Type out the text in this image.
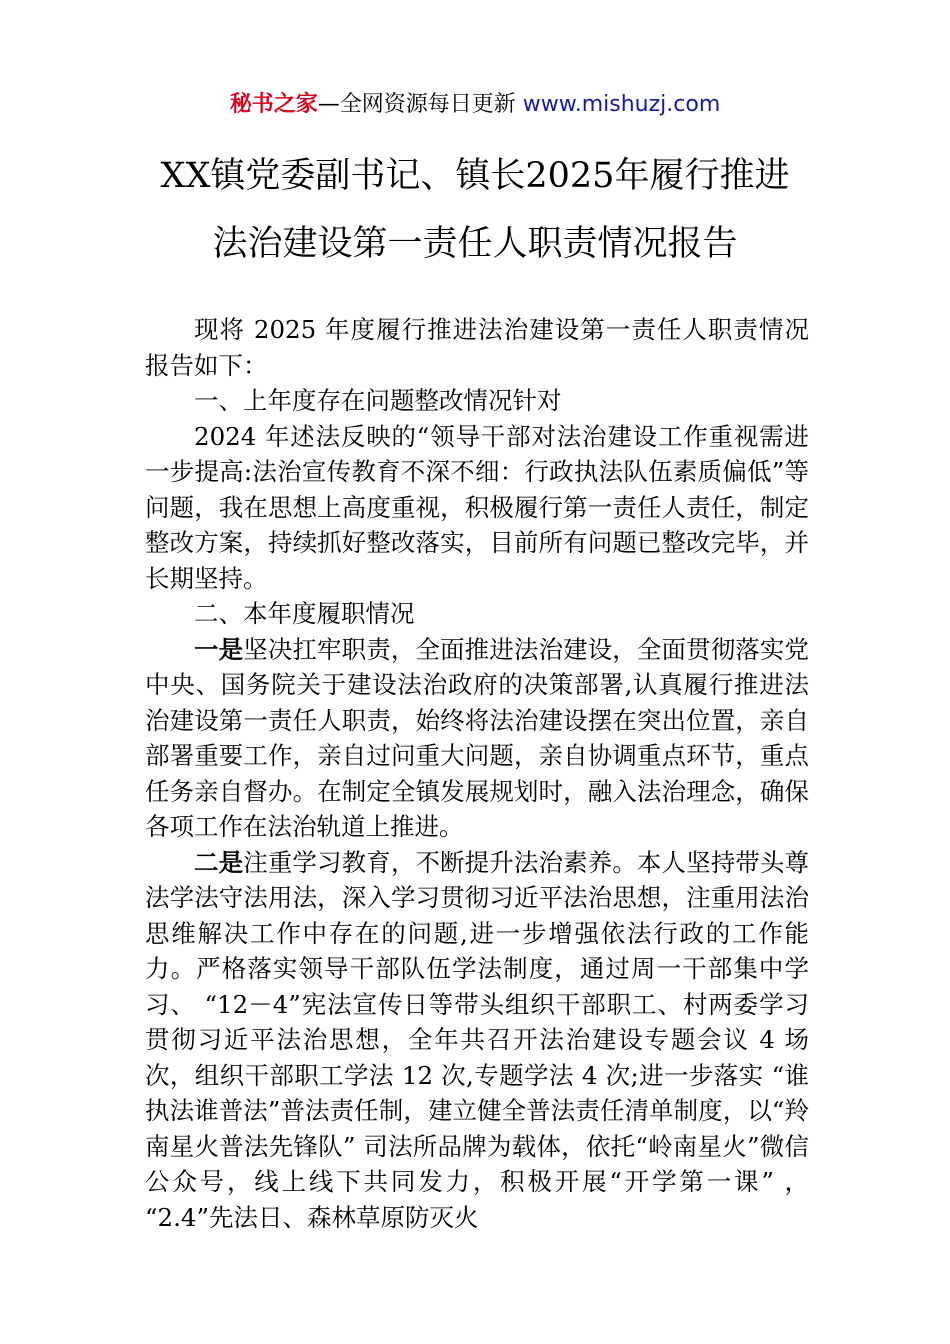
秘书之家—全网资源每日更新 www.mishuzj.com
XX镇党委副书记、镇长2025年履行推进
法治建设第一责任人职责情况报告

现将 2025 年度履行推进法治建设第一责任人职责情况报告如下：

一、上年度存在问题整改情况针对

2024 年述法反映的“领导干部对法治建设工作重视需进一步提高:法治宣传教育不深不细：行政执法队伍素质偏低”等问题，我在思想上高度重视，积极履行第一责任人责任，制定整改方案，持续抓好整改落实，目前所有问题已整改完毕，并长期坚持。

二、本年度履职情况

一是坚决扛牢职责，全面推进法治建设，全面贯彻落实党中央、国务院关于建设法治政府的决策部署,认真履行推进法治建设第一责任人职责，始终将法治建设摆在突出位置，亲自部署重要工作，亲自过问重大问题，亲自协调重点环节，重点任务亲自督办。在制定全镇发展规划时，融入法治理念，确保各项工作在法治轨道上推进。

二是注重学习教育，不断提升法治素养。本人坚持带头尊法学法守法用法，深入学习贯彻习近平法治思想，注重用法治思维解决工作中存在的问题,进一步增强依法行政的工作能力。严格落实领导干部队伍学法制度，通过周一干部集中学习、 “12－4”宪法宣传日等带头组织干部职工、村两委学习贯彻习近平法治思想，全年共召开法治建设专题会议 4 场次，组织干部职工学法 12 次,专题学法 4 次;进一步落实 “谁执法谁普法”普法责任制，建立健全普法责任清单制度，以“羚南星火普法先锋队” 司法所品牌为载体，依托“岭南星火”微信公众号，线上线下共同发力，积极开展“开学第一课” ， “2.4”先法日、森林草原防灭火
